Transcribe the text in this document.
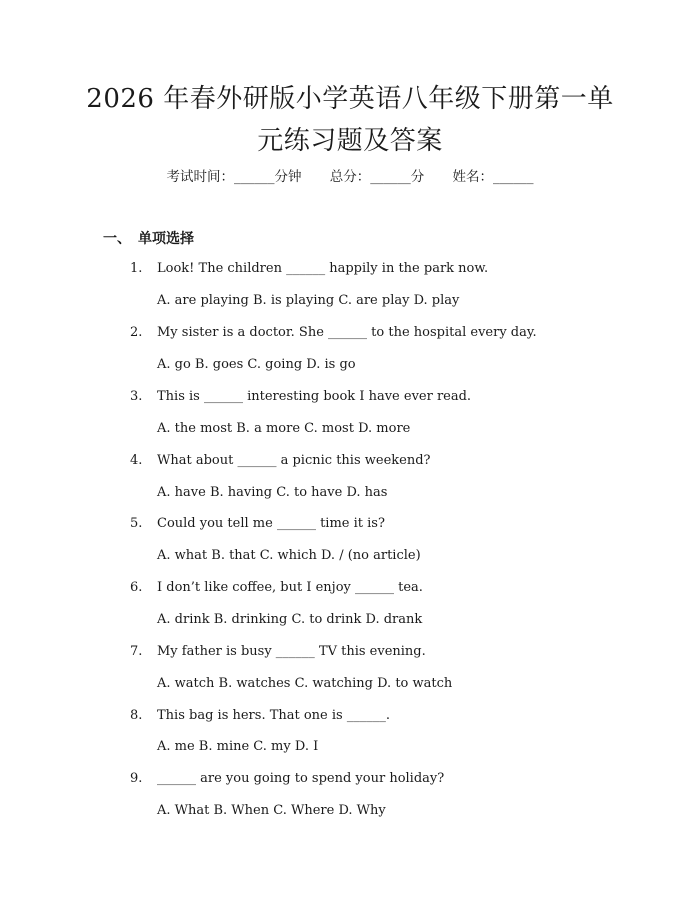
2026 年春外研版小学英语八年级下册第一单
元练习题及答案
考试时间：______分钟 总分：______分 姓名：______
一、 单项选择
1. Look! The children ______ happily in the park now.
A. are playing B. is playing C. are play D. play
2. My sister is a doctor. She ______ to the hospital every day.
A. go B. goes C. going D. is go
3. This is ______ interesting book I have ever read.
A. the most B. a more C. most D. more
4. What about ______ a picnic this weekend?
A. have B. having C. to have D. has
5. Could you tell me ______ time it is?
A. what B. that C. which D. / (no article)
6. I don’t like coffee, but I enjoy ______ tea.
A. drink B. drinking C. to drink D. drank
7. My father is busy ______ TV this evening.
A. watch B. watches C. watching D. to watch
8. This bag is hers. That one is ______.
A. me B. mine C. my D. I
9. ______ are you going to spend your holiday?
A. What B. When C. Where D. Why
